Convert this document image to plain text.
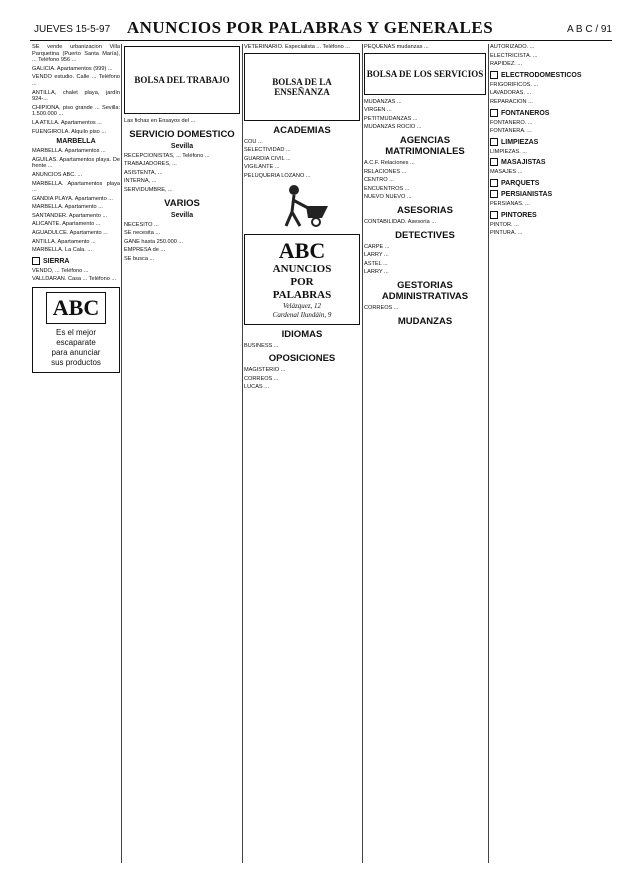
JUEVES 15-5-97 ANUNCIOS POR PALABRAS Y GENERALES	A B C / 91

SE vende urbanizacion Villa Parquetina (Puerto Santa María), ... Teléfono 956 ...

GALICIA. Apartamentos (999) ...

VENDO estudio. Calle ... Teléfono ...

ANTILLA, chalet playa, jardín 924-...

CHIPIONA, piso grande ... Sevilla: 1.500.000 ...

LA ATILLA. Apartamentos ...

FUENGIROLA. Alquilo piso ...

MARBELLA

MARBELLA. Apartamentos ...

AGUILAS. Apartamentos playa. De frente ...

ANUNCIOS ABC. ...

MARBELLA. Apartamentos playa ...

GANDIA PLAYA. Apartamento ...

MARBELLA. Apartamento ...

SANTANDER. Apartamento ...

ALICANTE. Apartamento ...

AGUADULCE. Apartamento ...

ANTILLA. Apartamento ...

MARBELLA. La Cala. ...

SIERRA

VENDO, ... Teléfono ...

VALLDARAN. Casa ... Teléfono ...

ABC
Es el mejor
escaparate
para anunciar
sus productos
BOLSA DEL TRABAJO

Las fichas en Ensayos del ...

SERVICIO DOMESTICO
Sevilla

RECEPCIONISTAS, ... Teléfono ...

TRABAJADORES, ...

ASISTENTA, ...

INTERNA, ...

SERVIDUMBRE, ...

VARIOS
Sevilla

NECESITO ...

SE necesita ...

GANE hasta 250.000 ...

EMPRESA de ...

SE busca ...

VETERINARIO. Especialista ... Teléfono ...

BOLSA DE LA ENSEÑANZA
ACADEMIAS

COU ...

SELECTIVIDAD ...

GUARDIA CIVIL ...

VIGILANTE ...

PELUQUERIA LOZANO ...

ABC
ANUNCIOS
POR
PALABRAS
Velázquez, 12
Cardenal Ilundáin, 9
IDIOMAS

BUSINESS ...

OPOSICIONES

MAGISTERIO ...

CORREOS ...

LUCAS ...

PEQUEÑAS mudanzas ...

BOLSA DE LOS SERVICIOS

MUDANZAS ...

VIRGEN ...

PETITMUDANZAS ...

MUDANZAS ROCIO ...

AGENCIAS MATRIMONIALES

A.C.F. Relaciones ...

RELACIONES ...

CENTRO ...

ENCUENTROS ...

NUEVO NUEVO ...

ASESORIAS

CONTABILIDAD. Asesoría ...

DETECTIVES

CARPE ...

LARRY ...

ASTEL ...

LARRY ...

GESTORIAS ADMINISTRATIVAS

CORREOS ...

MUDANZAS

AUTORIZADO. ...

ELECTRICISTA. ...

RAPIDEZ. ...

ELECTRODOMESTICOS

FRIGORIFICOS. ...

LAVADORAS. ...

REPARACION ...

FONTANEROS

FONTANERO. ...

FONTANERA. ...

LIMPIEZAS

LIMPIEZAS. ...

MASAJISTAS

MASAJES ...

PARQUETS
PERSIANISTAS

PERSIANAS. ...

PINTORES

PINTOR. ...

PINTURA. ...
